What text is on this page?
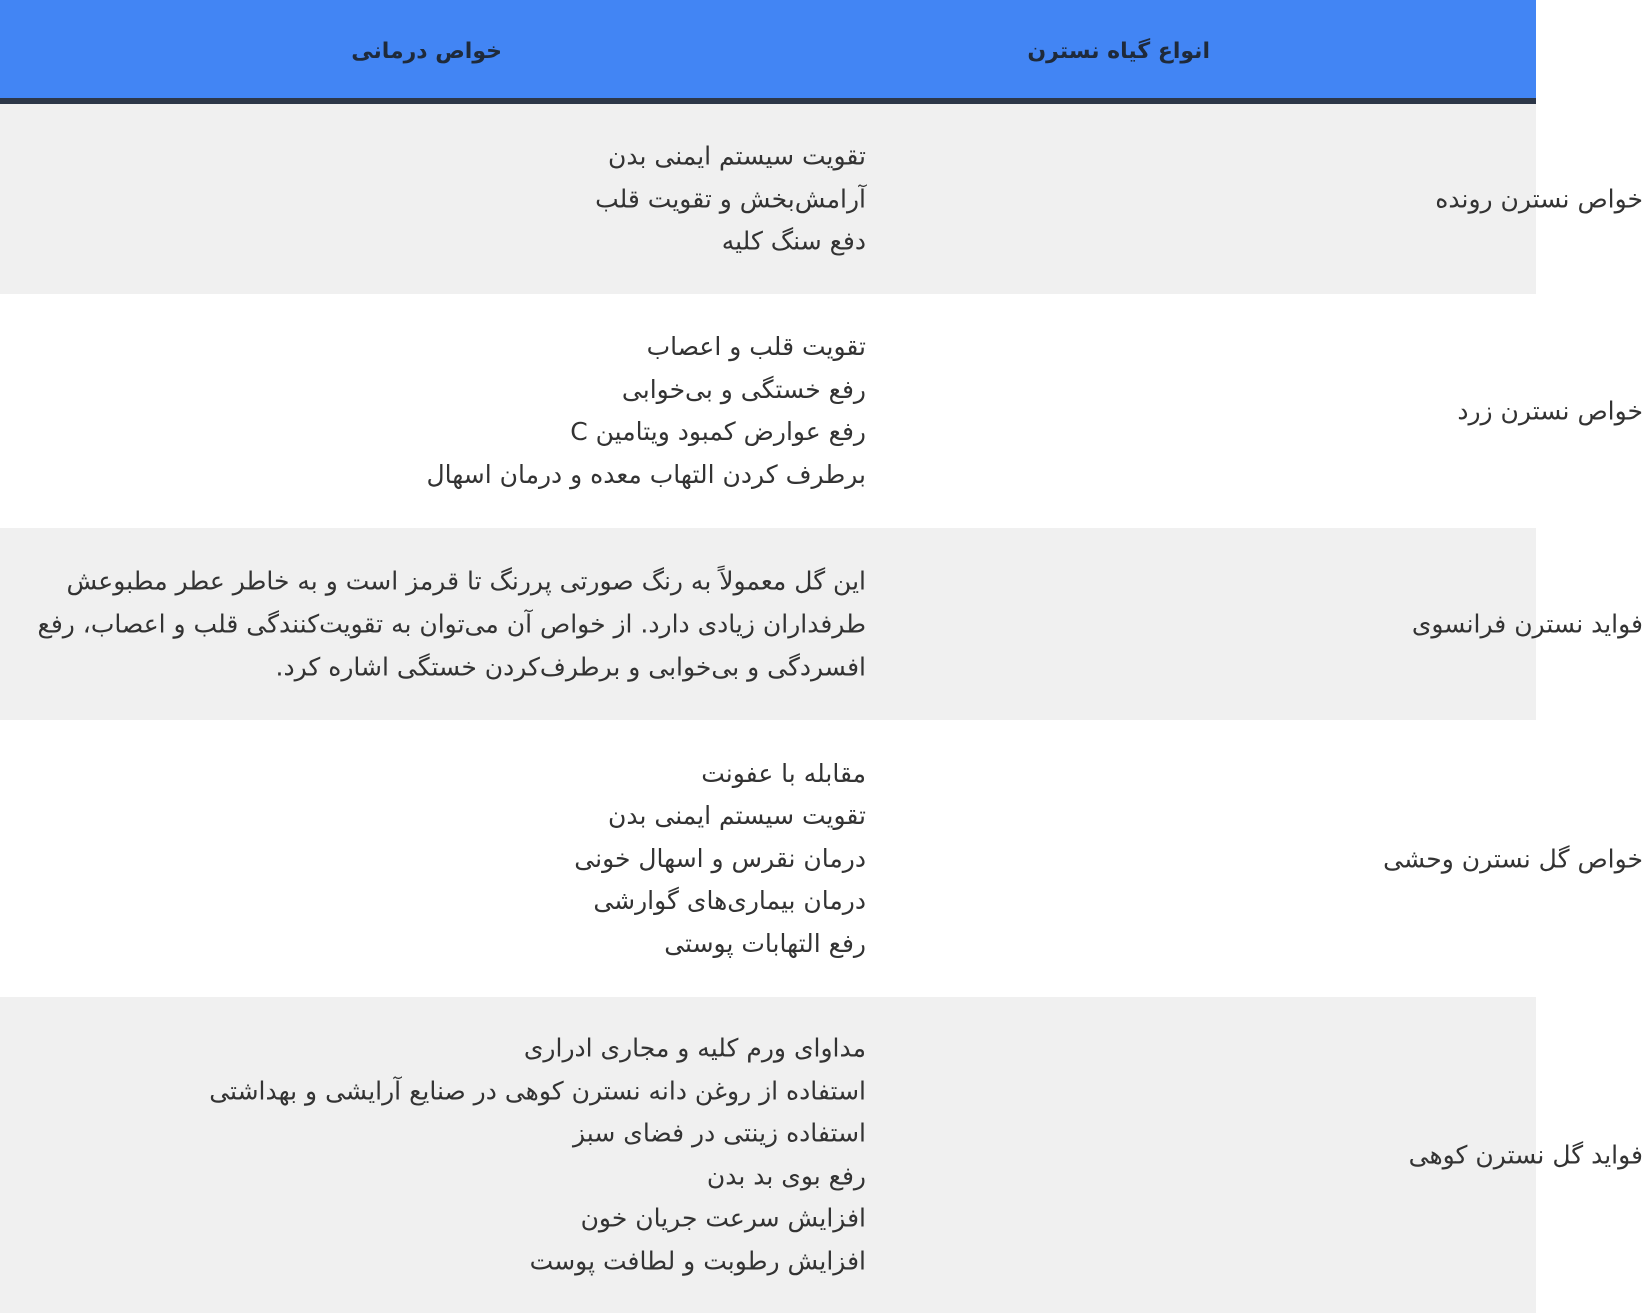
انواع گیاه نسترن
خواص درمانی
تقویت سیستم ایمنی بدن
آرامش‌بخش و تقویت قلب
دفع سنگ کلیه
خواص نسترن رونده
تقویت قلب و اعصاب
رفع خستگی و بی‌خوابی
رفع عوارض کمبود ویتامین C
برطرف کردن التهاب معده و درمان اسهال
خواص نسترن زرد
این گل معمولاً به رنگ صورتی پررنگ تا قرمز است و به خاطر عطر مطبوعش طرفداران زیادی دارد. از خواص آن می‌توان به تقویت‌کنندگی قلب و اعصاب، رفع افسردگی و بی‌خوابی و برطرف‌کردن خستگی اشاره کرد.
فواید نسترن فرانسوی
مقابله با عفونت
تقویت سیستم ایمنی بدن
درمان نقرس و اسهال خونی
درمان بیماری‌های گوارشی
رفع التهابات پوستی
خواص گل نسترن وحشی
مداوای ورم کلیه و مجاری ادراری
استفاده از روغن دانه نسترن کوهی در صنایع آرایشی و بهداشتی
استفاده زینتی در فضای سبز
رفع بوی بد بدن
افزایش سرعت جریان خون
افزایش رطوبت و لطافت پوست
فواید گل نسترن کوهی
